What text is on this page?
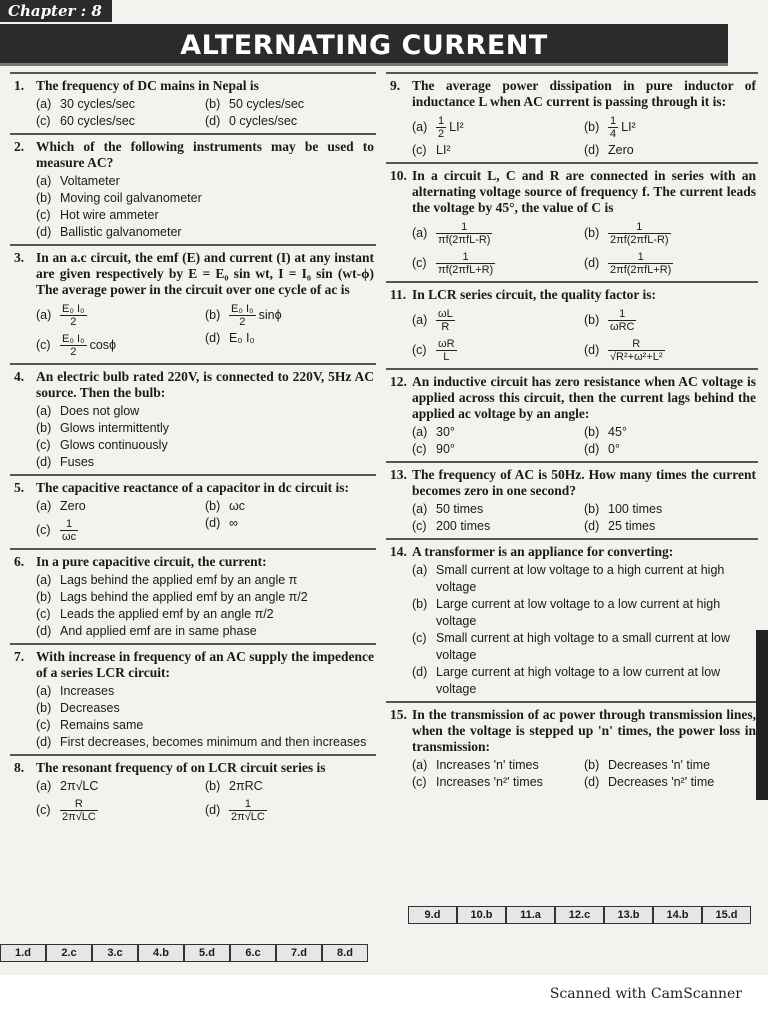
Chapter : 8
ALTERNATING CURRENT
1. The frequency of DC mains in Nepal is
(a) 30 cycles/sec	(b) 50 cycles/sec
(c) 60 cycles/sec	(d) 0 cycles/sec
2. Which of the following instruments may be used to measure AC?
(a) Voltameter
(b) Moving coil galvanometer
(c) Hot wire ammeter
(d) Ballistic galvanometer
3. In an a.c circuit, the emf (E) and current (I) at any instant are given respectively by E = E₀ sin wt, I = I₀ sin (wt-ϕ) The average power in the circuit over one cycle of ac is
$(a) \frac{\text{E₀ I₀}}{2}$	$(b) \frac{\text{E₀ I₀}}{2}$ sinϕ
$(c) \frac{\text{E₀ I₀}}{2}$ cosϕ	(d) E₀ I₀
4. An electric bulb rated 220V, is connected to 220V, 5Hz AC source. Then the bulb:
(a) Does not glow
(b) Glows intermittently
(c) Glows continuously
(d) Fuses
5. The capacitive reactance of a capacitor in dc circuit is:
(a) Zero	(b) ωc
$(c) \frac{1}{\omega c}$	(d) ∞
6. In a pure capacitive circuit, the current:
(a) Lags behind the applied emf by an angle π
(b) Lags behind the applied emf by an angle π/2
(c) Leads the applied emf by an angle π/2
(d) And applied emf are in same phase
7. With increase in frequency of an AC supply the impedence of a series LCR circuit:
(a) Increases
(b) Decreases
(c) Remains same
(d) First decreases, becomes minimum and then increases
8. The resonant frequency of on LCR circuit series is
(a) 2π√LC	(b) 2πRC
$(c) \frac{R}{2\pi√LC}$	$(d) \frac{1}{2\pi√LC}$
9. The average power dissipation in pure inductor of inductance L when AC current is passing through it is:
$(a) \frac{1}{2} LI^2$	$(b) \frac{1}{4} LI^2$
(c) LI²	(d) Zero
10. In a circuit L, C and R are connected in series with an alternating voltage source of frequency f. The current leads the voltage by 45°, the value of C is
$(a) \frac{1}{\text{πf(2πfL-R)}}$	$(b) \frac{1}{\text{2πf(2πfL-R)}}$
$(c) \frac{1}{\text{πf(2πfL+R)}}$	$(d) \frac{1}{\text{2πf(2πfL+R)}}$
11. In LCR series circuit, the quality factor is:
$(a) \frac{\omega L}{R}$	$(b) \frac{1}{\text{ωRC}}$
$(c) \frac{\omega R}{L}$	$(d) \frac{R}{\text{√R²+ω²+L²}}$
12. An inductive circuit has zero resistance when AC voltage is applied across this circuit, then the current lags behind the applied ac voltage by an angle:
(a) 30°	(b) 45°
(c) 90°	(d) 0°
13. The frequency of AC is 50Hz. How many times the current becomes zero in one second?
(a) 50 times	(b) 100 times
(c) 200 times	(d) 25 times
14. A transformer is an appliance for converting:
(a) Small current at low voltage to a high current at high voltage
(b) Large current at low voltage to a low current at high voltage
(c) Small current at high voltage to a small current at low voltage
(d) Large current at high voltage to a low current at low voltage
15. In the transmission of ac power through transmission lines, when the voltage is stepped up 'n' times, the power loss in transmission:
(a) Increases 'n' times	(b) Decreases 'n' time
(c) Increases 'n²' times	(d) Decreases 'n²' time
1.d	2.c	3.c	4.b	5.d	6.c	7.d	8.d
9.d	10.b	11.a	12.c	13.b	14.b	15.d
Scanned with CamScanner
